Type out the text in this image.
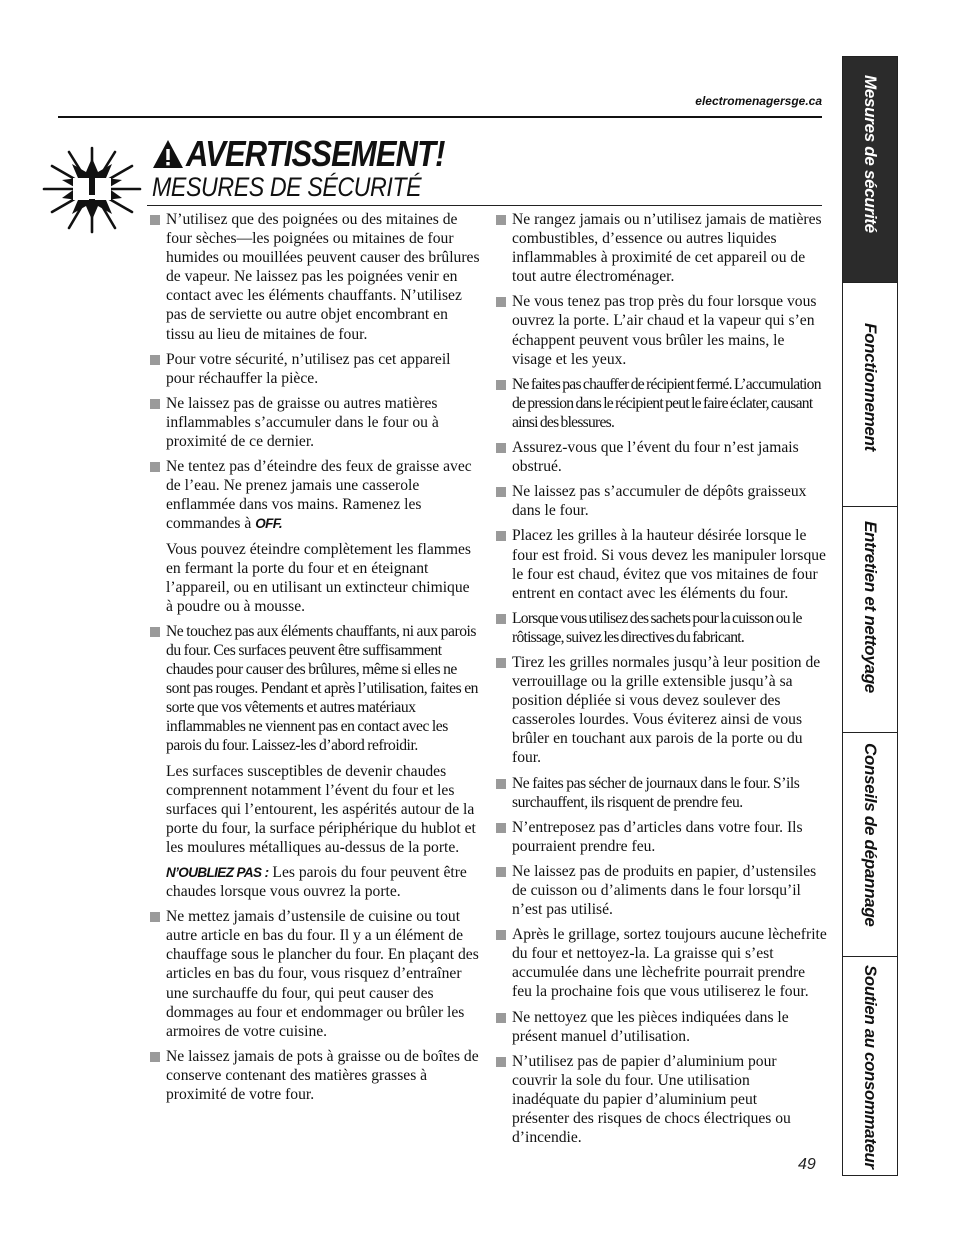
electromenagersge.ca
AVERTISSEMENT!
MESURES DE SÉCURITÉ
N’utilisez que des poignées ou des mitaines de four sèches—les poignées ou mitaines de four humides ou mouillées peuvent causer des brûlures de vapeur. Ne laissez pas les poignées venir en contact avec les éléments chauffants. N’utilisez pas de serviette ou autre objet encombrant en tissu au lieu de mitaines de four.
Pour votre sécurité, n’utilisez pas cet appareil pour réchauffer la pièce.
Ne laissez pas de graisse ou autres matières inflammables s’accumuler dans le four ou à proximité de ce dernier.
Ne tentez pas d’éteindre des feux de graisse avec de l’eau. Ne prenez jamais une casserole enflammée dans vos mains. Ramenez les commandes à OFF.
Vous pouvez éteindre complètement les flammes en fermant la porte du four et en éteignant l’appareil, ou en utilisant un extincteur chimique à poudre ou à mousse.
Ne touchez pas aux éléments chauffants, ni aux parois du four. Ces surfaces peuvent être suffisamment chaudes pour causer des brûlures, même si elles ne sont pas rouges. Pendant et après l’utilisation, faites en sorte que vos vêtements et autres matériaux inflammables ne viennent pas en contact avec les parois du four. Laissez-les d’abord refroidir.
Les surfaces susceptibles de devenir chaudes comprennent notamment l’évent du four et les surfaces qui l’entourent, les aspérités autour de la porte du four, la surface périphérique du hublot et les moulures métalliques au-dessus de la porte.
N’OUBLIEZ PAS : Les parois du four peuvent être chaudes lorsque vous ouvrez la porte.
Ne mettez jamais d’ustensile de cuisine ou tout autre article en bas du four. Il y a un élément de chauffage sous le plancher du four. En plaçant des articles en bas du four, vous risquez d’entraîner une surchauffe du four, qui peut causer des dommages au four et endommager ou brûler les armoires de votre cuisine.
Ne laissez jamais de pots à graisse ou de boîtes de conserve contenant des matières grasses à proximité de votre four.
Ne rangez jamais ou n’utilisez jamais de matières combustibles, d’essence ou autres liquides inflammables à proximité de cet appareil ou de tout autre électroménager.
Ne vous tenez pas trop près du four lorsque vous ouvrez la porte. L’air chaud et la vapeur qui s’en échappent peuvent vous brûler les mains, le visage et les yeux.
Ne faites pas chauffer de récipient fermé. L’accumulation de pression dans le récipient peut le faire éclater, causant ainsi des blessures.
Assurez-vous que l’évent du four n’est jamais obstrué.
Ne laissez pas s’accumuler de dépôts graisseux dans le four.
Placez les grilles à la hauteur désirée lorsque le four est froid. Si vous devez les manipuler lorsque le four est chaud, évitez que vos mitaines de four entrent en contact avec les éléments du four.
Lorsque vous utilisez des sachets pour la cuisson ou le rôtissage, suivez les directives du fabricant.
Tirez les grilles normales jusqu’à leur position de verrouillage ou la grille extensible jusqu’à sa position dépliée si vous devez soulever des casseroles lourdes. Vous éviterez ainsi de vous brûler en touchant aux parois de la porte ou du four.
Ne faites pas sécher de journaux dans le four. S’ils surchauffent, ils risquent de prendre feu.
N’entreposez pas d’articles dans votre four. Ils pourraient prendre feu.
Ne laissez pas de produits en papier, d’ustensiles de cuisson ou d’aliments dans le four lorsqu’il n’est pas utilisé.
Après le grillage, sortez toujours aucune lèchefrite du four et nettoyez-la. La graisse qui s’est accumulée dans une lèchefrite pourrait prendre feu la prochaine fois que vous utiliserez le four.
Ne nettoyez que les pièces indiquées dans le présent manuel d’utilisation.
N’utilisez pas de papier d’aluminium pour couvrir la sole du four. Une utilisation inadéquate du papier d’aluminium peut présenter des risques de chocs électriques ou d’incendie.
49
Mesures de sécurité
Fonctionnement
Entretien et nettoyage
Conseils de dépannage
Soutien au consommateur
